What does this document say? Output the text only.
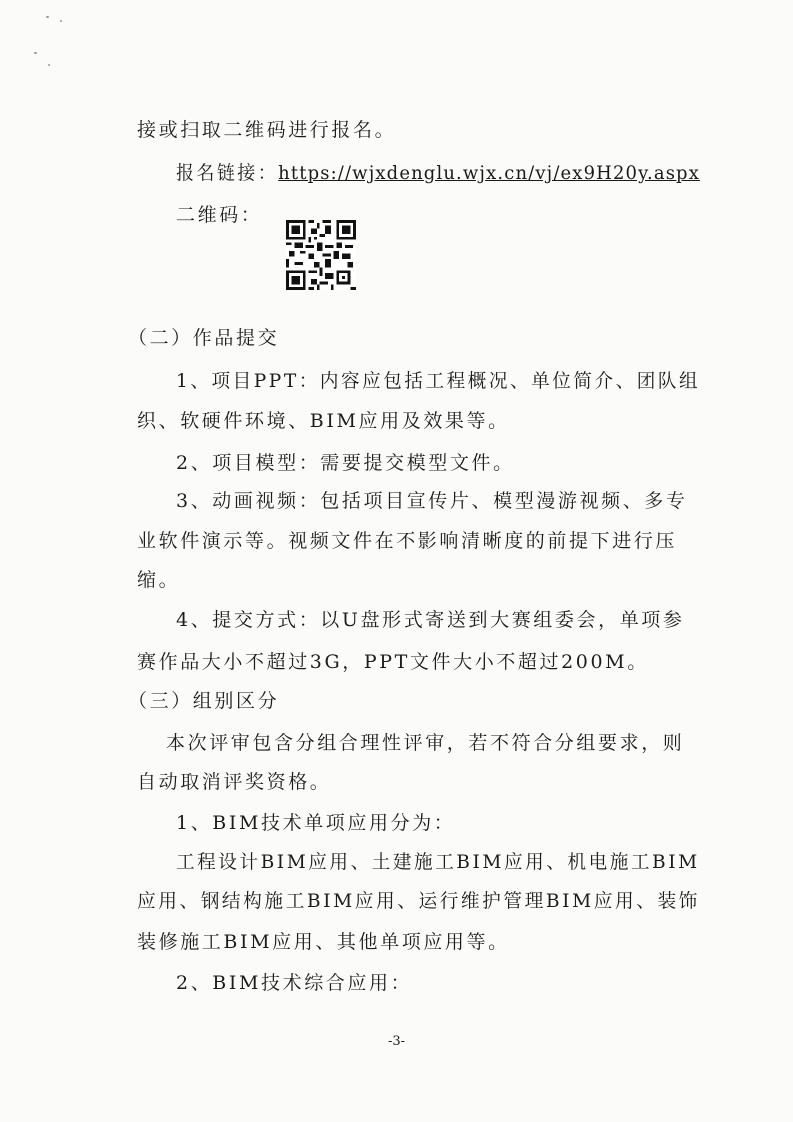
接或扫取二维码进行报名。
报名链接：https://wjxdenglu.wjx.cn/vj/ex9H20y.aspx
二维码：
（二）作品提交
1、项目PPT：内容应包括工程概况、单位简介、团队组
织、软硬件环境、BIM应用及效果等。
2、项目模型：需要提交模型文件。
3、动画视频：包括项目宣传片、模型漫游视频、多专
业软件演示等。视频文件在不影响清晰度的前提下进行压
缩。
4、提交方式：以U盘形式寄送到大赛组委会，单项参
赛作品大小不超过3G，PPT文件大小不超过200M。
（三）组别区分
本次评审包含分组合理性评审，若不符合分组要求，则
自动取消评奖资格。
1、BIM技术单项应用分为：
工程设计BIM应用、土建施工BIM应用、机电施工BIM
应用、钢结构施工BIM应用、运行维护管理BIM应用、装饰
装修施工BIM应用、其他单项应用等。
2、BIM技术综合应用：
-3-
